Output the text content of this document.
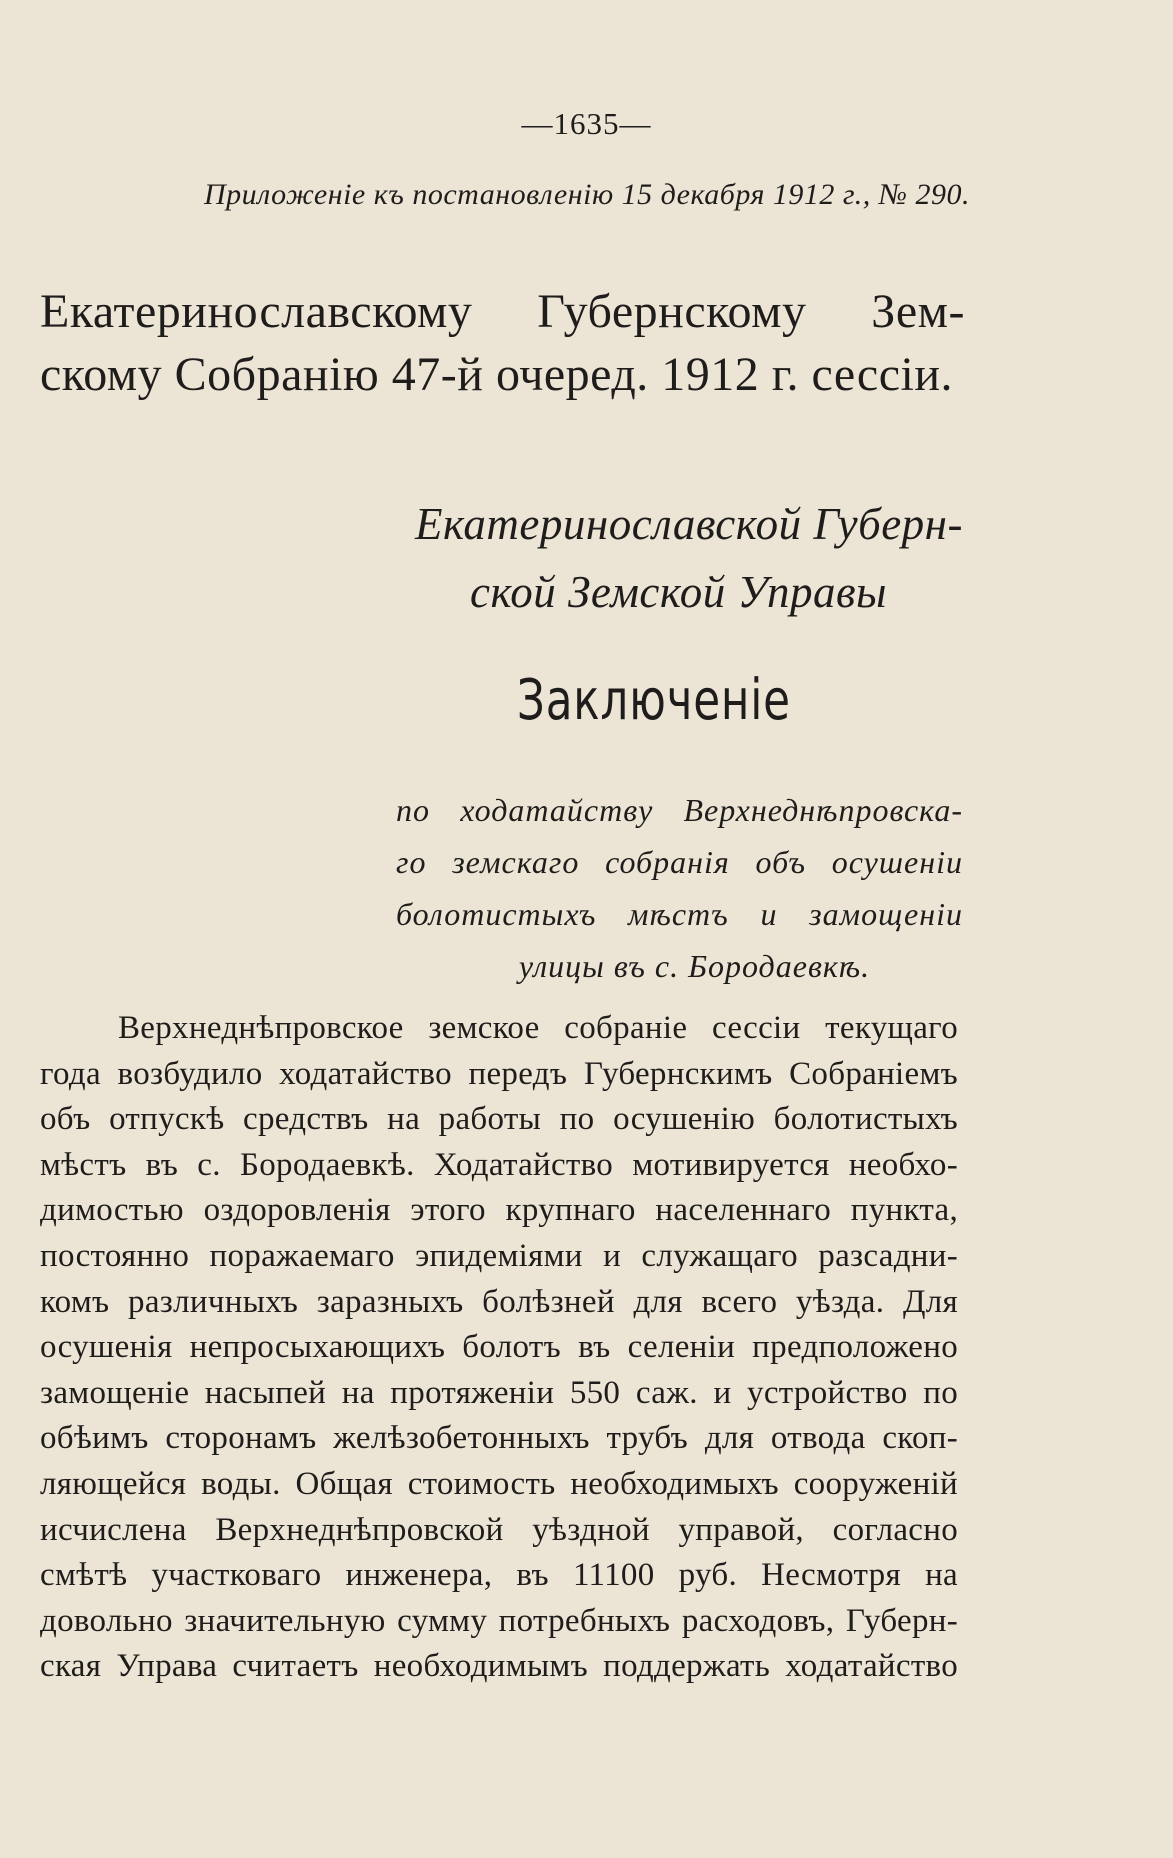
—1635—
Приложеніе къ постановленію 15 декабря 1912 г., № 290.
Екатеринославскому Губернскому Зем-
скому Собранію 47-й очеред. 1912 г. сессіи.
Екатеринославской Губерн-
ской Земской Управы
Заключеніе
по ходатайству Верхнеднѣпровска-
го земскаго собранія объ осушеніи
болотистыхъ мѣстъ и замощеніи
улицы въ с. Бородаевкѣ.
Верхнеднѣпровское земское собраніе сессіи текущаго
года возбудило ходатайство передъ Губернскимъ Собраніемъ
объ отпускѣ средствъ на работы по осушенію болотистыхъ
мѣстъ въ с. Бородаевкѣ. Ходатайство мотивируется необхо-
димостью оздоровленія этого крупнаго населеннаго пункта,
постоянно поражаемаго эпидеміями и служащаго разсадни-
комъ различныхъ заразныхъ болѣзней для всего уѣзда. Для
осушенія непросыхающихъ болотъ въ селеніи предположено
замощеніе насыпей на протяженіи 550 саж. и устройство по
обѣимъ сторонамъ желѣзобетонныхъ трубъ для отвода скоп-
ляющейся воды. Общая стоимость необходимыхъ сооруженій
исчислена Верхнеднѣпровской уѣздной управой, согласно
смѣтѣ участковаго инженера, въ 11100 руб. Несмотря на
довольно значительную сумму потребныхъ расходовъ, Губерн-
ская Управа считаетъ необходимымъ поддержать ходатайство
